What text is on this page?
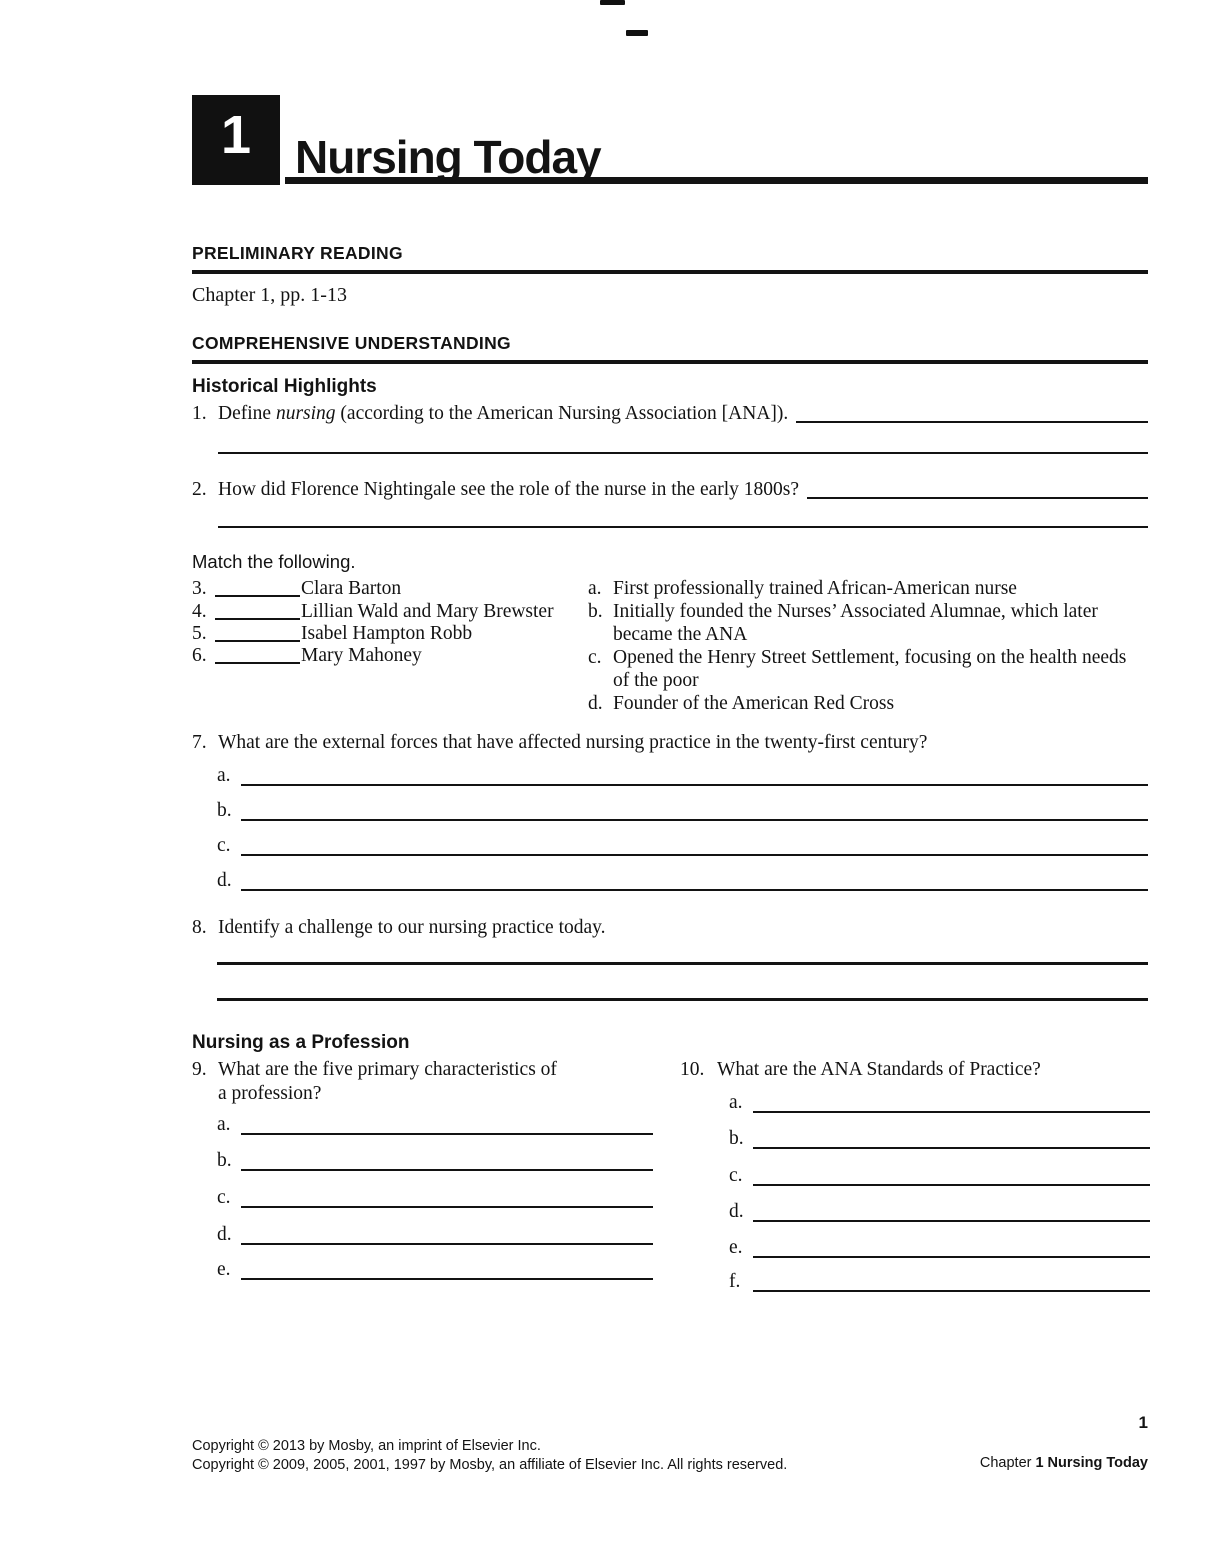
1 Nursing Today
PRELIMINARY READING
Chapter 1, pp. 1-13
COMPREHENSIVE UNDERSTANDING
Historical Highlights
1. Define nursing (according to the American Nursing Association [ANA]).
2. How did Florence Nightingale see the role of the nurse in the early 1800s?
Match the following.
3.	Clara Barton
4.	Lillian Wald and Mary Brewster
5.	Isabel Hampton Robb
6.	Mary Mahoney
a. First professionally trained African-American nurse
b. Initially founded the Nurses’ Associated Alumnae, which later became the ANA
c. Opened the Henry Street Settlement, focusing on the health needs of the poor
d. Founder of the American Red Cross
7. What are the external forces that have affected nursing practice in the twenty-first century?
a.
b.
c.
d.
8. Identify a challenge to our nursing practice today.
Nursing as a Profession
9. What are the five primary characteristics of a profession?
a.
b.
c.
d.
e.
10. What are the ANA Standards of Practice?
a.
b.
c.
d.
e.
f.
1
Copyright © 2013 by Mosby, an imprint of Elsevier Inc.
Copyright © 2009, 2005, 2001, 1997 by Mosby, an affiliate of Elsevier Inc. All rights reserved.	Chapter 1 Nursing Today
